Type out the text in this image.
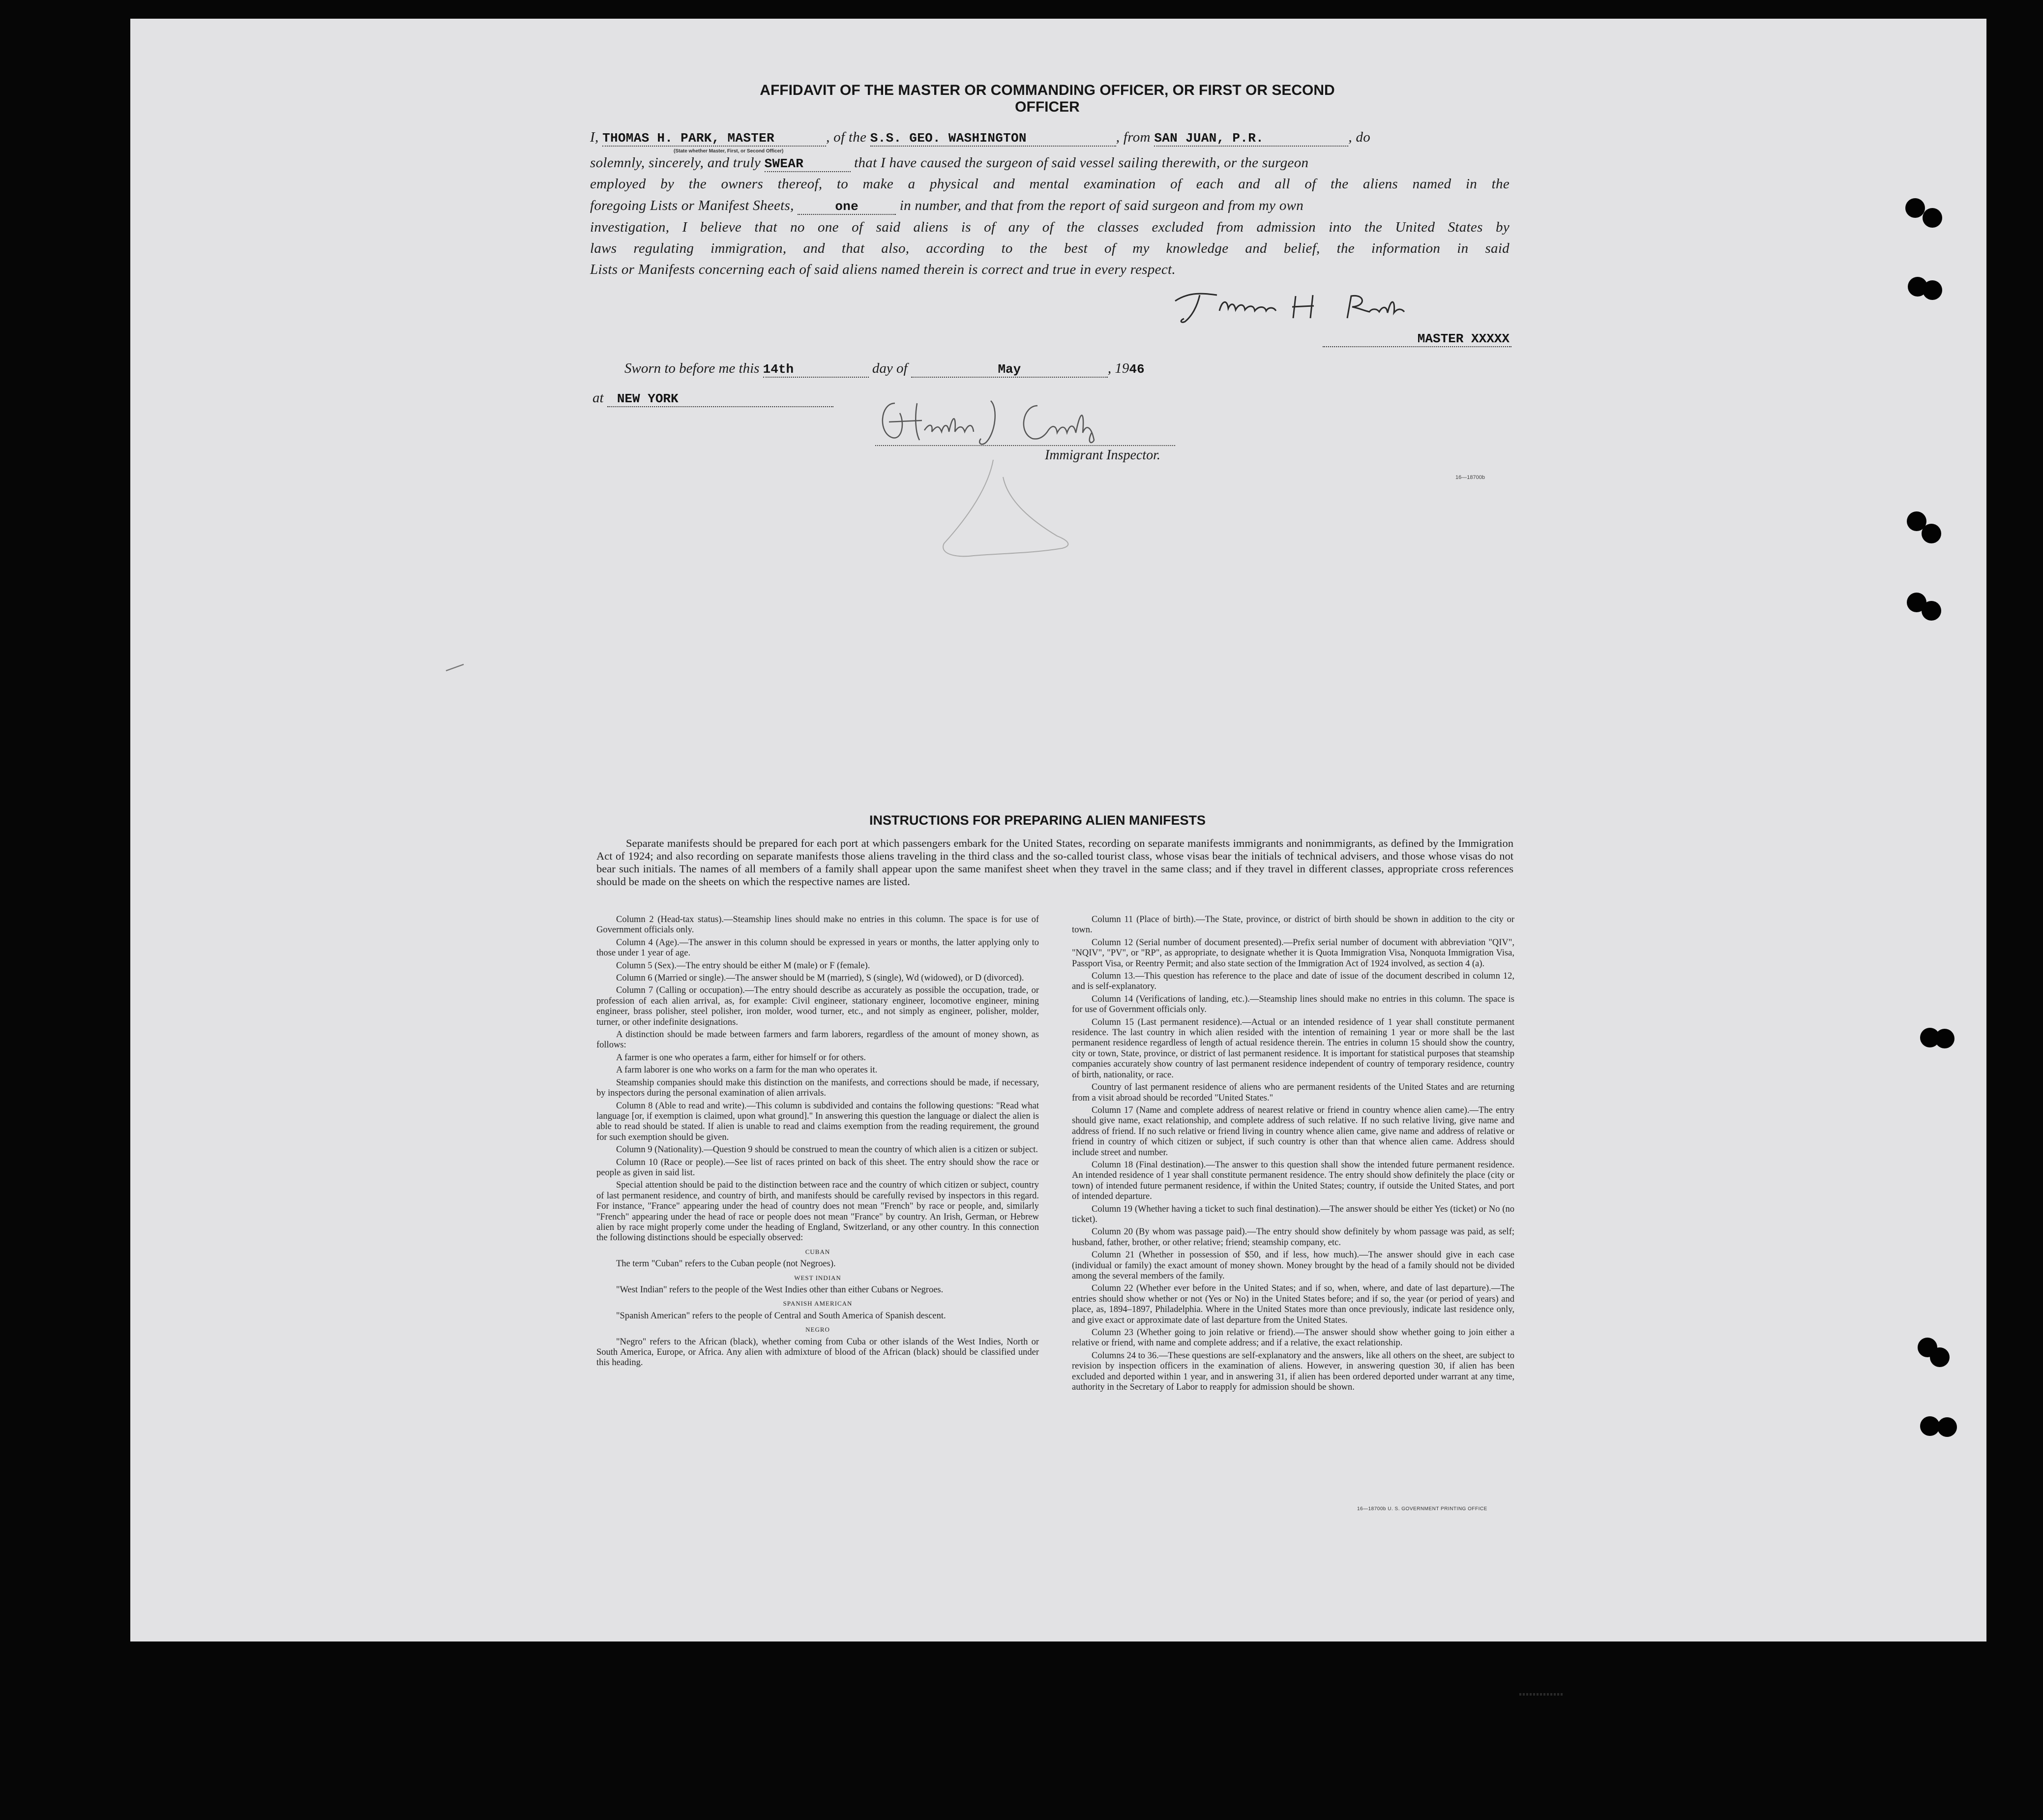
AFFIDAVIT OF THE MASTER OR COMMANDING OFFICER, OR FIRST OR SECOND OFFICER
I, THOMAS H. PARK, MASTER	, of the S.S. GEO. WASHINGTON	, from SAN JUAN, P.R.	, do
(State whether Master, First, or Second Officer)
solemnly, sincerely, and truly SWEAR	that I have caused the surgeon of said vessel sailing therewith, or the surgeon
employed by the owners thereof, to make a physical and mental examination of each and all of the aliens named in the
foregoing Lists or Manifest Sheets,	one	in number, and that from the report of said surgeon and from my own
investigation, I believe that no one of said aliens is of any of the classes excluded from admission into the United States by
laws regulating immigration, and that also, according to the best of my knowledge and belief, the information in said
Lists or Manifests concerning each of said aliens named therein is correct and true in every respect.
Thomas H Park
MASTER XXXXX
Sworn to before me this 14th	day of	May	, 1946
at NEW YORK	Herbert J. Conly
Immigrant Inspector.
16—18700b
INSTRUCTIONS FOR PREPARING ALIEN MANIFESTS

Separate manifests should be prepared for each port at which passengers embark for the United States, recording on separate manifests immigrants and nonimmigrants, as defined by the Immigration Act of 1924; and also recording on separate manifests those aliens traveling in the third class and the so-called tourist class, whose visas bear the initials of technical advisers, and those whose visas do not bear such initials. The names of all members of a family shall appear upon the same manifest sheet when they travel in the same class; and if they travel in different classes, appropriate cross references should be made on the sheets on which the respective names are listed.

Column 2 (Head-tax status).—Steamship lines should make no entries in this column. The space is for use of Government officials only.

Column 4 (Age).—The answer in this column should be expressed in years or months, the latter applying only to those under 1 year of age.

Column 5 (Sex).—The entry should be either M (male) or F (female).

Column 6 (Married or single).—The answer should be M (married), S (single), Wd (widowed), or D (divorced).

Column 7 (Calling or occupation).—The entry should describe as accurately as possible the occupation, trade, or profession of each alien arrival, as, for example: Civil engineer, stationary engineer, locomotive engineer, mining engineer, brass polisher, steel polisher, iron molder, wood turner, etc., and not simply as engineer, polisher, molder, turner, or other indefinite designations.

A distinction should be made between farmers and farm laborers, regardless of the amount of money shown, as follows:

A farmer is one who operates a farm, either for himself or for others.

A farm laborer is one who works on a farm for the man who operates it.

Steamship companies should make this distinction on the manifests, and corrections should be made, if necessary, by inspectors during the personal examination of alien arrivals.

Column 8 (Able to read and write).—This column is subdivided and contains the following questions: "Read what language [or, if exemption is claimed, upon what ground]." In answering this question the language or dialect the alien is able to read should be stated. If alien is unable to read and claims exemption from the reading requirement, the ground for such exemption should be given.

Column 9 (Nationality).—Question 9 should be construed to mean the country of which alien is a citizen or subject.

Column 10 (Race or people).—See list of races printed on back of this sheet. The entry should show the race or people as given in said list.

Special attention should be paid to the distinction between race and the country of which citizen or subject, country of last permanent residence, and country of birth, and manifests should be carefully revised by inspectors in this regard. For instance, "France" appearing under the head of country does not mean "French" by race or people, and, similarly "French" appearing under the head of race or people does not mean "France" by country. An Irish, German, or Hebrew alien by race might properly come under the heading of England, Switzerland, or any other country. In this connection the following distinctions should be especially observed:

CUBAN

The term "Cuban" refers to the Cuban people (not Negroes).

WEST INDIAN

"West Indian" refers to the people of the West Indies other than either Cubans or Negroes.

SPANISH AMERICAN

"Spanish American" refers to the people of Central and South America of Spanish descent.

NEGRO

"Negro" refers to the African (black), whether coming from Cuba or other islands of the West Indies, North or South America, Europe, or Africa. Any alien with admixture of blood of the African (black) should be classified under this heading.

Column 11 (Place of birth).—The State, province, or district of birth should be shown in addition to the city or town.

Column 12 (Serial number of document presented).—Prefix serial number of document with abbreviation "QIV", "NQIV", "PV", or "RP", as appropriate, to designate whether it is Quota Immigration Visa, Nonquota Immigration Visa, Passport Visa, or Reentry Permit; and also state section of the Immigration Act of 1924 involved, as section 4 (a).

Column 13.—This question has reference to the place and date of issue of the document described in column 12, and is self-explanatory.

Column 14 (Verifications of landing, etc.).—Steamship lines should make no entries in this column. The space is for use of Government officials only.

Column 15 (Last permanent residence).—Actual or an intended residence of 1 year shall constitute permanent residence. The last country in which alien resided with the intention of remaining 1 year or more shall be the last permanent residence regardless of length of actual residence therein. The entries in column 15 should show the country, city or town, State, province, or district of last permanent residence. It is important for statistical purposes that steamship companies accurately show country of last permanent residence independent of country of temporary residence, country of birth, nationality, or race.

Country of last permanent residence of aliens who are permanent residents of the United States and are returning from a visit abroad should be recorded "United States."

Column 17 (Name and complete address of nearest relative or friend in country whence alien came).—The entry should give name, exact relationship, and complete address of such relative. If no such relative living, give name and address of friend. If no such relative or friend living in country whence alien came, give name and address of relative or friend in country of which citizen or subject, if such country is other than that whence alien came. Address should include street and number.

Column 18 (Final destination).—The answer to this question shall show the intended future permanent residence. An intended residence of 1 year shall constitute permanent residence. The entry should show definitely the place (city or town) of intended future permanent residence, if within the United States; country, if outside the United States, and port of intended departure.

Column 19 (Whether having a ticket to such final destination).—The answer should be either Yes (ticket) or No (no ticket).

Column 20 (By whom was passage paid).—The entry should show definitely by whom passage was paid, as self; husband, father, brother, or other relative; friend; steamship company, etc.

Column 21 (Whether in possession of $50, and if less, how much).—The answer should give in each case (individual or family) the exact amount of money shown. Money brought by the head of a family should not be divided among the several members of the family.

Column 22 (Whether ever before in the United States; and if so, when, where, and date of last departure).—The entries should show whether or not (Yes or No) in the United States before; and if so, the year (or period of years) and place, as, 1894–1897, Philadelphia. Where in the United States more than once previously, indicate last residence only, and give exact or approximate date of last departure from the United States.

Column 23 (Whether going to join relative or friend).—The answer should show whether going to join either a relative or friend, with name and complete address; and if a relative, the exact relationship.

Columns 24 to 36.—These questions are self-explanatory and the answers, like all others on the sheet, are subject to revision by inspection officers in the examination of aliens. However, in answering question 30, if alien has been excluded and deported within 1 year, and in answering 31, if alien has been ordered deported under warrant at any time, authority in the Secretary of Labor to reapply for admission should be shown.

16—18700b U. S. GOVERNMENT PRINTING OFFICE
